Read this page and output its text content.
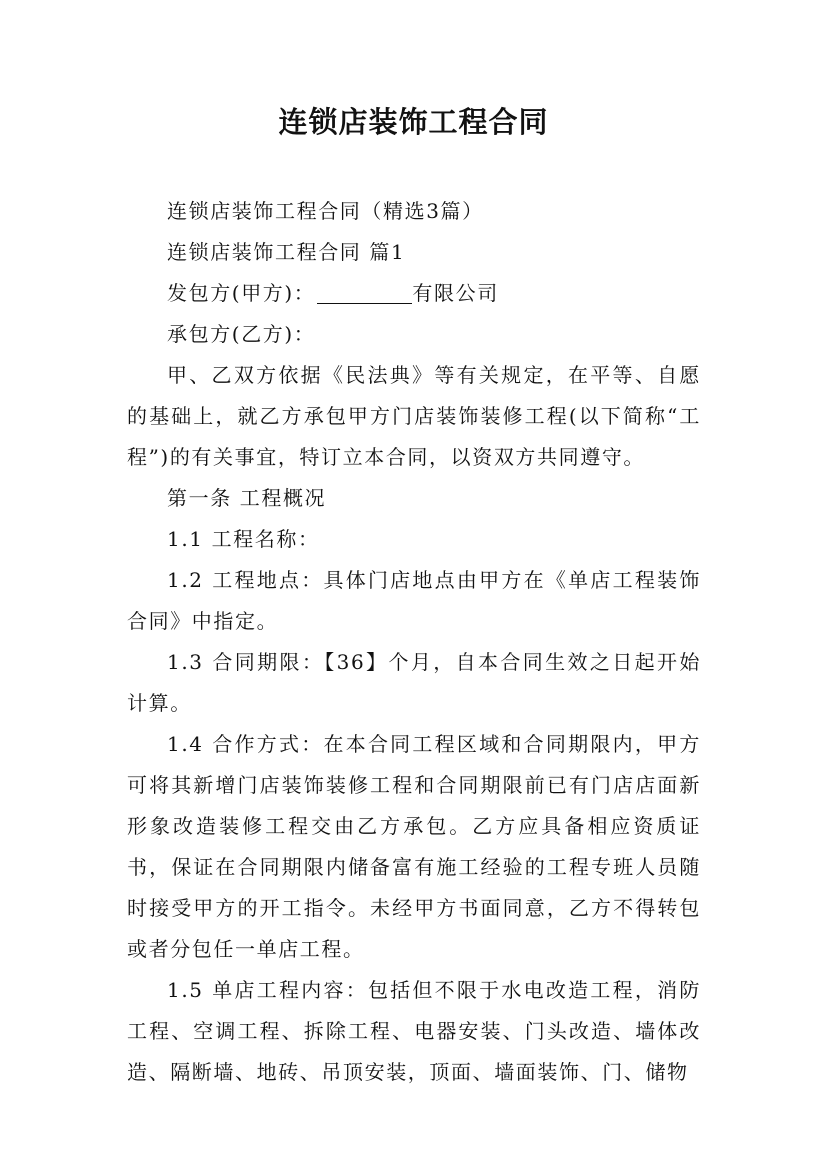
连锁店装饰工程合同

连锁店装饰工程合同（精选3篇）

连锁店装饰工程合同 篇1

发包方(甲方)：	有限公司

承包方(乙方)：

甲、乙双方依据《民法典》等有关规定，在平等、自愿的基础上，就乙方承包甲方门店装饰装修工程(以下简称“工程”)的有关事宜，特订立本合同，以资双方共同遵守。

第一条 工程概况

1.1 工程名称：

1.2 工程地点：具体门店地点由甲方在《单店工程装饰合同》中指定。

1.3 合同期限：【36】个月，自本合同生效之日起开始计算。

1.4 合作方式：在本合同工程区域和合同期限内，甲方可将其新增门店装饰装修工程和合同期限前已有门店店面新形象改造装修工程交由乙方承包。乙方应具备相应资质证书，保证在合同期限内储备富有施工经验的工程专班人员随时接受甲方的开工指令。未经甲方书面同意，乙方不得转包或者分包任一单店工程。

1.5 单店工程内容：包括但不限于水电改造工程，消防工程、空调工程、拆除工程、电器安装、门头改造、墙体改造、隔断墙、地砖、吊顶安装，顶面、墙面装饰、门、储物
